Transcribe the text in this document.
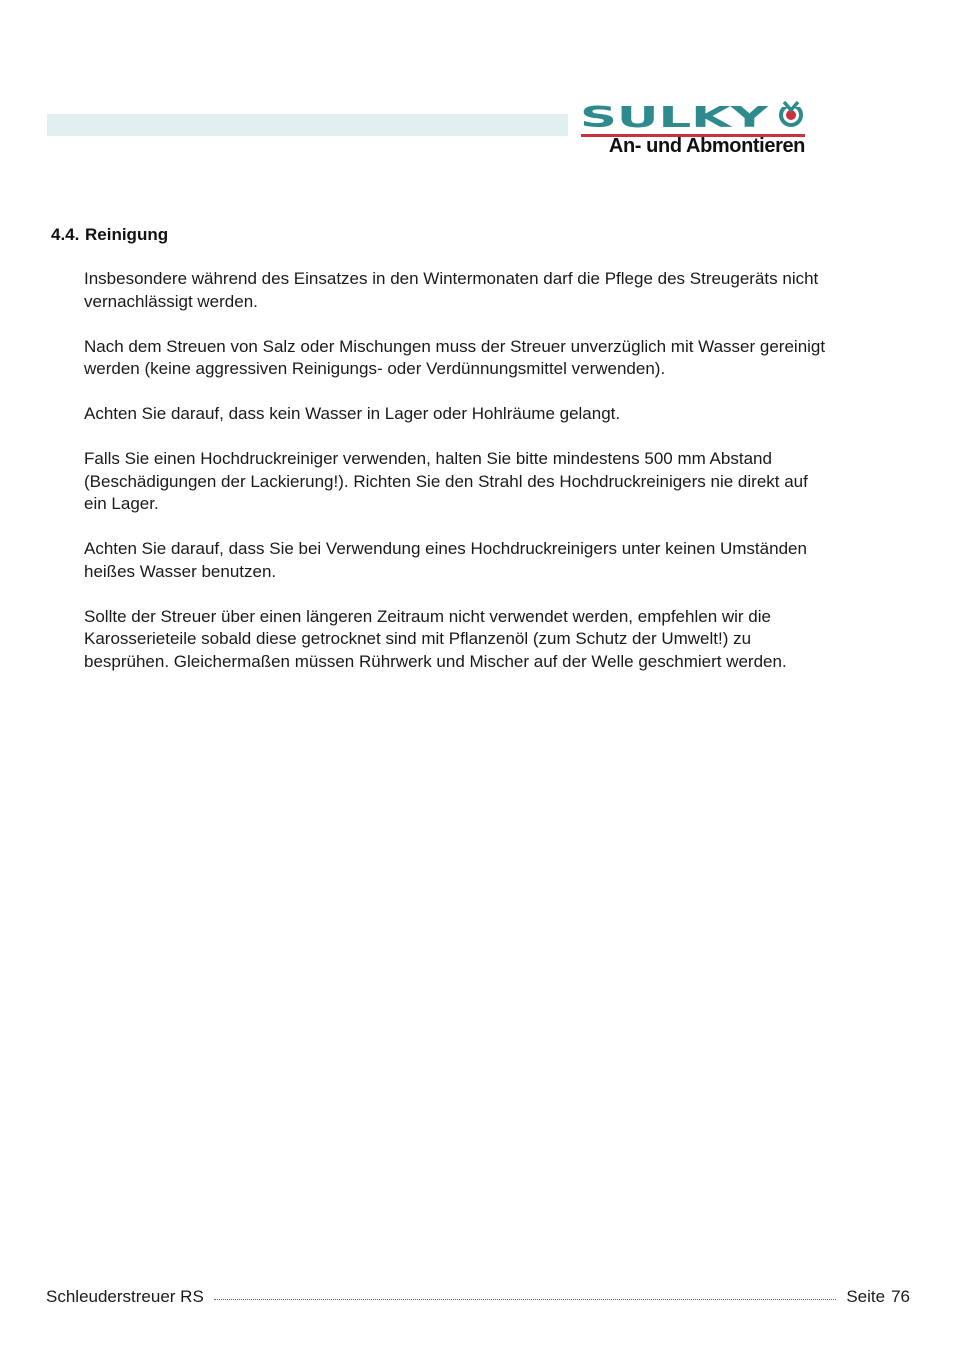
SULKY
An- und Abmontieren
4.4. Reinigung

Insbesondere während des Einsatzes in den Wintermonaten darf die Pflege des Streugeräts nicht vernachlässigt werden.

Nach dem Streuen von Salz oder Mischungen muss der Streuer unverzüglich mit Wasser gereinigt werden (keine aggressiven Reinigungs- oder Verdünnungsmittel verwenden).

Achten Sie darauf, dass kein Wasser in Lager oder Hohlräume gelangt.

Falls Sie einen Hochdruckreiniger verwenden, halten Sie bitte mindestens 500 mm Abstand (Beschädigungen der Lackierung!). Richten Sie den Strahl des Hochdruckreinigers nie direkt auf ein Lager.

Achten Sie darauf, dass Sie bei Verwendung eines Hochdruckreinigers unter keinen Umständen heißes Wasser benutzen.

Sollte der Streuer über einen längeren Zeitraum nicht verwendet werden, empfehlen wir die Karosserieteile sobald diese getrocknet sind mit Pflanzenöl (zum Schutz der Umwelt!) zu besprühen. Gleichermaßen müssen Rührwerk und Mischer auf der Welle geschmiert werden.

Schleuderstreuer RS	Seite 76
